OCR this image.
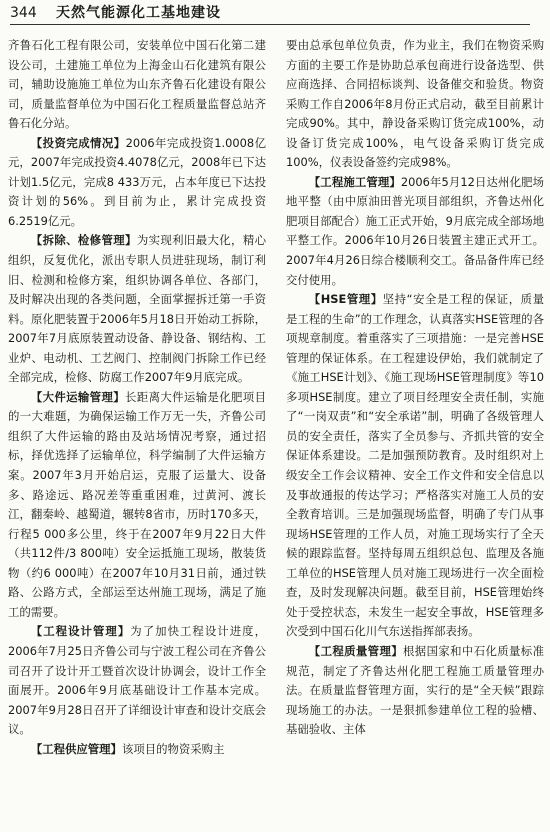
344 天然气能源化工基地建设

齐鲁石化工程有限公司，安装单位中国石化第二建设公司，土建施工单位为上海金山石化建筑有限公司，辅助设施施工单位为山东齐鲁石化建设有限公司，质量监督单位为中国石化工程质量监督总站齐鲁石化分站。

【投资完成情况】2006年完成投资1.0008亿元，2007年完成投资4.4078亿元，2008年已下达计划1.5亿元，完成8 433万元，占本年度已下达投资计划的56%。到目前为止，累计完成投资6.2519亿元。

【拆除、检修管理】为实现利旧最大化，精心组织，反复优化，派出专职人员进驻现场，制订利旧、检测和检修方案，组织协调各单位、各部门，及时解决出现的各类问题，全面掌握拆迁第一手资料。原化肥装置于2006年5月18日开始动工拆除，2007年7月底原装置动设备、静设备、钢结构、工业炉、电动机、工艺阀门、控制阀门拆除工作已经全部完成，检修、防腐工作2007年9月底完成。

【大件运输管理】长距离大件运输是化肥项目的一大难题，为确保运输工作万无一失，齐鲁公司组织了大件运输的路由及站场情况考察，通过招标，择优选择了运输单位，科学编制了大件运输方案。2007年3月开始启运，克服了运量大、设备多、路途远、路况差等重重困难，过黄河、渡长江，翻秦岭、越蜀道，辗转8省市，历时170多天，行程5 000多公里，终于在2007年9月22日大件（共112件/3 800吨）安全运抵施工现场，散装货物（约6 000吨）在2007年10月31日前，通过铁路、公路方式，全部运至达州施工现场，满足了施工的需要。

【工程设计管理】为了加快工程设计进度，2006年7月25日齐鲁公司与宁波工程公司在齐鲁公司召开了设计开工暨首次设计协调会，设计工作全面展开。2006年9月底基础设计工作基本完成。2007年9月28日召开了详细设计审查和设计交底会议。

【工程供应管理】该项目的物资采购主

要由总承包单位负责，作为业主，我们在物资采购方面的主要工作是协助总承包商进行设备选型、供应商选择、合同招标谈判、设备催交和验货。物资采购工作自2006年8月份正式启动，截至目前累计完成90%。其中，静设备采购订货完成100%，动设备订货完成100%，电气设备采购订货完成100%，仪表设备签约完成98%。

【工程施工管理】2006年5月12日达州化肥场地平整（由中原油田普光项目部组织，齐鲁达州化肥项目部配合）施工正式开始，9月底完成全部场地平整工作。2006年10月26日装置主建正式开工。2007年4月26日综合楼顺利交工。备品备件库已经交付使用。

【HSE管理】坚持“安全是工程的保证，质量是工程的生命”的工作理念，认真落实HSE管理的各项规章制度。着重落实了三项措施：一是完善HSE管理的保证体系。在工程建设伊始，我们就制定了《施工HSE计划》、《施工现场HSE管理制度》等10多项HSE制度。建立了项目经理安全责任制，实施了“一岗双责”和“安全承诺”制，明确了各级管理人员的安全责任，落实了全员参与、齐抓共管的安全保证体系建设。二是加强预防教育。及时组织对上级安全工作会议精神、安全工作文件和安全信息以及事故通报的传达学习；严格落实对施工人员的安全教育培训。三是加强现场监督，明确了专门从事现场HSE管理的工作人员，对施工现场实行了全天候的跟踪监督。坚持每周五组织总包、监理及各施工单位的HSE管理人员对施工现场进行一次全面检查，及时发现解决问题。截至目前，HSE管理始终处于受控状态，未发生一起安全事故，HSE管理多次受到中国石化川气东送指挥部表扬。

【工程质量管理】根据国家和中石化质量标准规范，制定了齐鲁达州化肥工程施工质量管理办法。在质量监督管理方面，实行的是“全天候”跟踪现场施工的办法。一是狠抓参建单位工程的验槽、基础验收、主体
